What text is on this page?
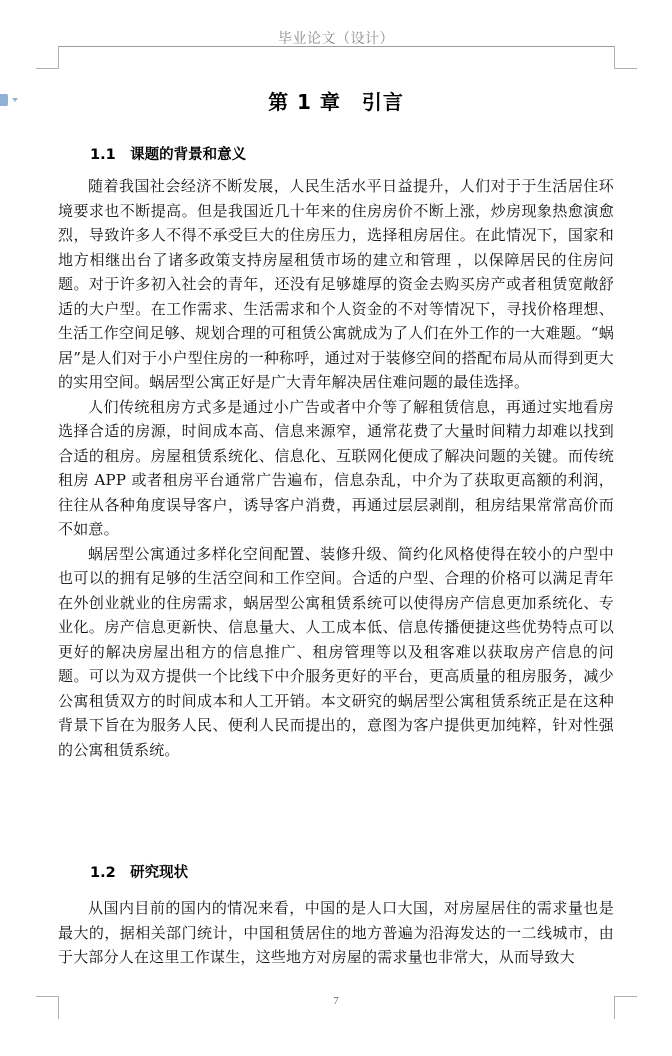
毕业论文（设计）
第 1 章　引言
1.1　课题的背景和意义

随着我国社会经济不断发展，人民生活水平日益提升，人们对于于生活居住环境要求也不断提高。但是我国近几十年来的住房房价不断上涨，炒房现象热愈演愈烈，导致许多人不得不承受巨大的住房压力，选择租房居住。在此情况下，国家和地方相继出台了诸多政策支持房屋租赁市场的建立和管理 ，以保障居民的住房问题。对于许多初入社会的青年，还没有足够雄厚的资金去购买房产或者租赁宽敞舒适的大户型。在工作需求、生活需求和个人资金的不对等情况下，寻找价格理想、生活工作空间足够、规划合理的可租赁公寓就成为了人们在外工作的一大难题。“蜗居”是人们对于小户型住房的一种称呼，通过对于装修空间的搭配布局从而得到更大的实用空间。蜗居型公寓正好是广大青年解决居住难问题的最佳选择。

人们传统租房方式多是通过小广告或者中介等了解租赁信息，再通过实地看房选择合适的房源，时间成本高、信息来源窄，通常花费了大量时间精力却难以找到合适的租房。房屋租赁系统化、信息化、互联网化便成了解决问题的关键。而传统租房 APP 或者租房平台通常广告遍布，信息杂乱，中介为了获取更高额的利润，往往从各种角度误导客户，诱导客户消费，再通过层层剥削，租房结果常常高价而不如意。

蜗居型公寓通过多样化空间配置、装修升级、简约化风格使得在较小的户型中也可以的拥有足够的生活空间和工作空间。合适的户型、合理的价格可以满足青年在外创业就业的住房需求，蜗居型公寓租赁系统可以使得房产信息更加系统化、专业化。房产信息更新快、信息量大、人工成本低、信息传播便捷这些优势特点可以更好的解决房屋出租方的信息推广、租房管理等以及租客难以获取房产信息的问题。可以为双方提供一个比线下中介服务更好的平台，更高质量的租房服务，减少公寓租赁双方的时间成本和人工开销。本文研究的蜗居型公寓租赁系统正是在这种背景下旨在为服务人民、便利人民而提出的，意图为客户提供更加纯粹，针对性强的公寓租赁系统。

1.2　研究现状

从国内目前的国内的情况来看，中国的是人口大国，对房屋居住的需求量也是最大的，据相关部门统计，中国租赁居住的地方普遍为沿海发达的一二线城市，由于大部分人在这里工作谋生，这些地方对房屋的需求量也非常大，从而导致大

7
